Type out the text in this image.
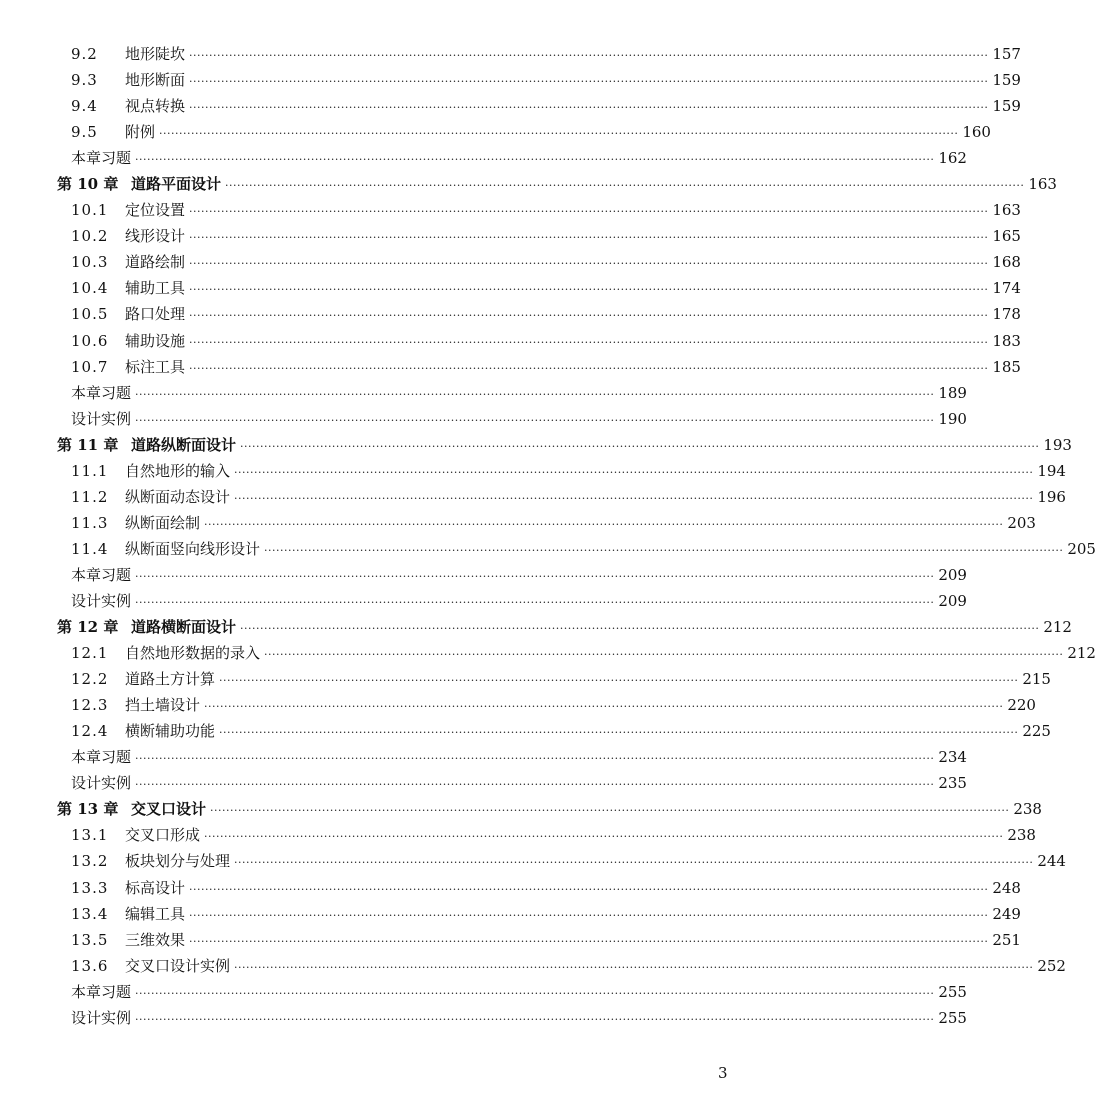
9.2	地形陡坎 ········································································································································································································ 157
9.3	地形断面 ········································································································································································································ 159
9.4	视点转换 ········································································································································································································ 159
9.5	附例 ········································································································································································································ 160
本章习题 ········································································································································································································ 162
第 10 章 道路平面设计 ········································································································································································································ 163
10.1	定位设置 ········································································································································································································ 163
10.2	线形设计 ········································································································································································································ 165
10.3	道路绘制 ········································································································································································································ 168
10.4	辅助工具 ········································································································································································································ 174
10.5	路口处理 ········································································································································································································ 178
10.6	辅助设施 ········································································································································································································ 183
10.7	标注工具 ········································································································································································································ 185
本章习题 ········································································································································································································ 189
设计实例 ········································································································································································································ 190
第 11 章 道路纵断面设计 ········································································································································································································ 193
11.1	自然地形的输入 ········································································································································································································ 194
11.2	纵断面动态设计 ········································································································································································································ 196
11.3	纵断面绘制 ········································································································································································································ 203
11.4	纵断面竖向线形设计 ········································································································································································································ 205
本章习题 ········································································································································································································ 209
设计实例 ········································································································································································································ 209
第 12 章 道路横断面设计 ········································································································································································································ 212
12.1	自然地形数据的录入 ········································································································································································································ 212
12.2	道路土方计算 ········································································································································································································ 215
12.3	挡土墙设计 ········································································································································································································ 220
12.4	横断辅助功能 ········································································································································································································ 225
本章习题 ········································································································································································································ 234
设计实例 ········································································································································································································ 235
第 13 章 交叉口设计 ········································································································································································································ 238
13.1	交叉口形成 ········································································································································································································ 238
13.2	板块划分与处理 ········································································································································································································ 244
13.3	标高设计 ········································································································································································································ 248
13.4	编辑工具 ········································································································································································································ 249
13.5	三维效果 ········································································································································································································ 251
13.6	交叉口设计实例 ········································································································································································································ 252
本章习题 ········································································································································································································ 255
设计实例 ········································································································································································································ 255
3
